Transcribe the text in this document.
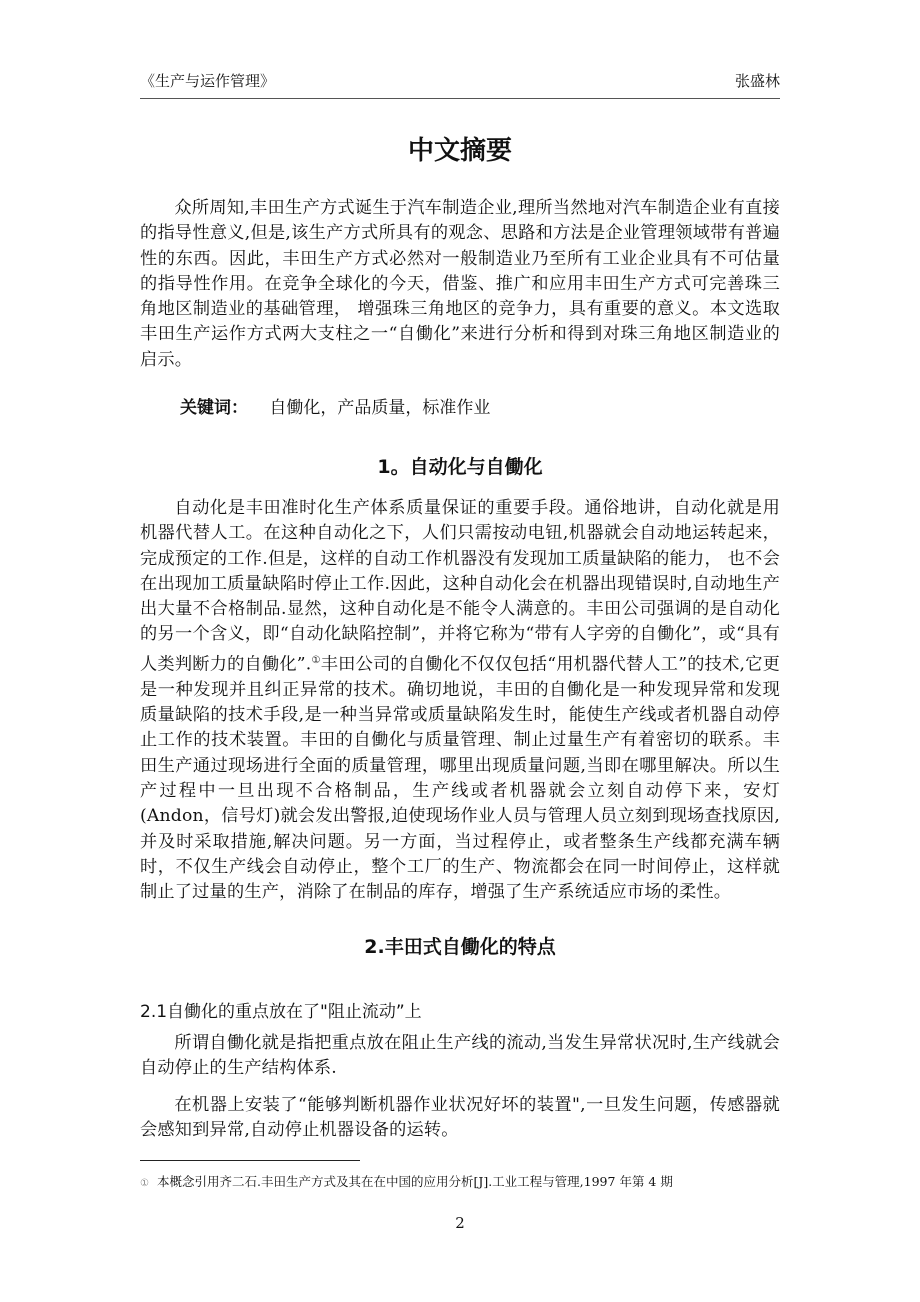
《生产与运作管理》	张盛林
中文摘要

众所周知,丰田生产方式诞生于汽车制造企业,理所当然地对汽车制造企业有直接的指导性意义,但是,该生产方式所具有的观念、思路和方法是企业管理领域带有普遍性的东西。因此，丰田生产方式必然对一般制造业乃至所有工业企业具有不可估量的指导性作用。在竞争全球化的今天，借鉴、推广和应用丰田生产方式可完善珠三角地区制造业的基础管理， 增强珠三角地区的竞争力，具有重要的意义。本文选取丰田生产运作方式两大支柱之一“自働化”来进行分析和得到对珠三角地区制造业的启示。

关键词： 自働化，产品质量，标准作业
1。自动化与自働化

自动化是丰田准时化生产体系质量保证的重要手段。通俗地讲，自动化就是用机器代替人工。在这种自动化之下，人们只需按动电钮,机器就会自动地运转起来，完成预定的工作.但是，这样的自动工作机器没有发现加工质量缺陷的能力， 也不会在出现加工质量缺陷时停止工作.因此，这种自动化会在机器出现错误时,自动地生产出大量不合格制品.显然，这种自动化是不能令人满意的。丰田公司强调的是自动化的另一个含义，即“自动化缺陷控制”，并将它称为“带有人字旁的自働化”，或“具有人类判断力的自働化”.①丰田公司的自働化不仅仅包括“用机器代替人工”的技术,它更是一种发现并且纠正异常的技术。确切地说，丰田的自働化是一种发现异常和发现质量缺陷的技术手段,是一种当异常或质量缺陷发生时，能使生产线或者机器自动停止工作的技术装置。丰田的自働化与质量管理、制止过量生产有着密切的联系。丰田生产通过现场进行全面的质量管理，哪里出现质量问题,当即在哪里解决。所以生产过程中一旦出现不合格制品，生产线或者机器就会立刻自动停下来，安灯(Andon，信号灯)就会发出警报,迫使现场作业人员与管理人员立刻到现场查找原因,并及时采取措施,解决问题。另一方面，当过程停止，或者整条生产线都充满车辆时，不仅生产线会自动停止，整个工厂的生产、物流都会在同一时间停止，这样就制止了过量的生产，消除了在制品的库存，增强了生产系统适应市场的柔性。

2.丰田式自働化的特点
2.1自働化的重点放在了"阻止流动”上

所谓自働化就是指把重点放在阻止生产线的流动,当发生异常状况时,生产线就会自动停止的生产结构体系.

在机器上安装了“能够判断机器作业状况好坏的装置",一旦发生问题，传感器就会感知到异常,自动停止机器设备的运转。

① 本概念引用齐二石.丰田生产方式及其在在中国的应用分析[J].工业工程与管理,1997 年第 4 期
2
